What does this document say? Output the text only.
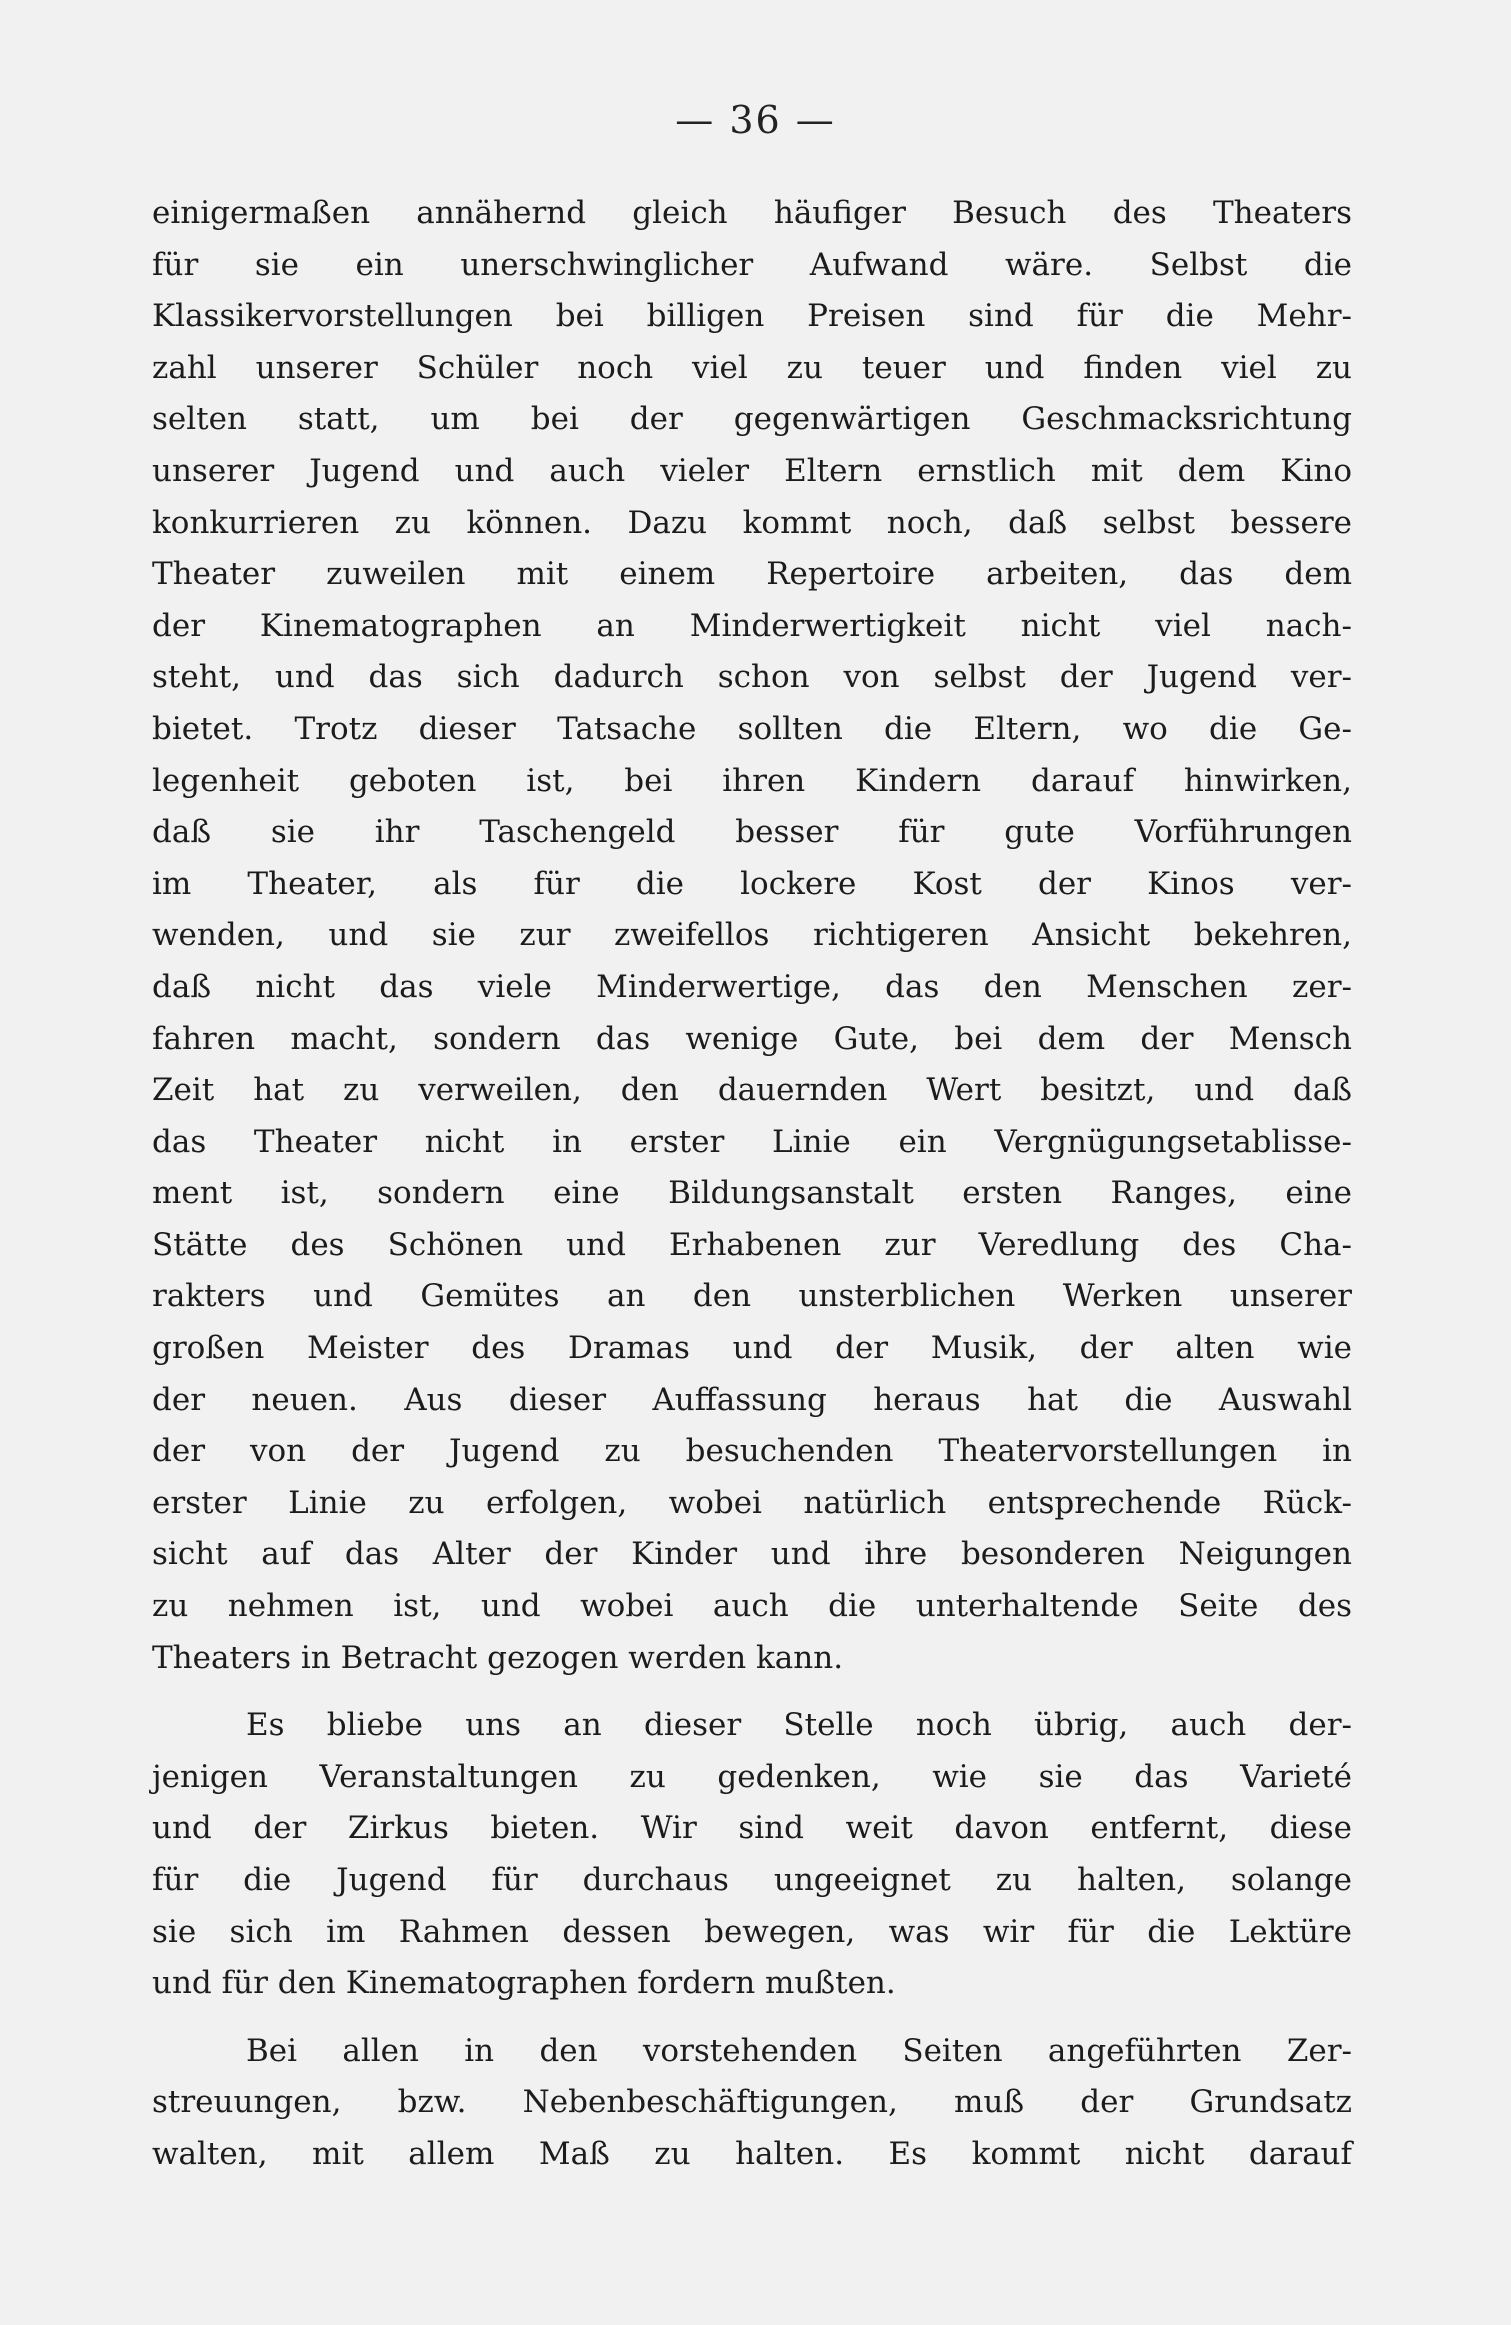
— 36 —
einigermaßen annähernd gleich häufiger Besuch des Theaters
für sie ein unerschwinglicher Aufwand wäre. Selbst die
Klassikervorstellungen bei billigen Preisen sind für die Mehr-
zahl unserer Schüler noch viel zu teuer und finden viel zu
selten statt, um bei der gegenwärtigen Geschmacksrichtung
unserer Jugend und auch vieler Eltern ernstlich mit dem Kino
konkurrieren zu können. Dazu kommt noch, daß selbst bessere
Theater zuweilen mit einem Repertoire arbeiten, das dem
der Kinematographen an Minderwertigkeit nicht viel nach-
steht, und das sich dadurch schon von selbst der Jugend ver-
bietet. Trotz dieser Tatsache sollten die Eltern, wo die Ge-
legenheit geboten ist, bei ihren Kindern darauf hinwirken,
daß sie ihr Taschengeld besser für gute Vorführungen
im Theater, als für die lockere Kost der Kinos ver-
wenden, und sie zur zweifellos richtigeren Ansicht bekehren,
daß nicht das viele Minderwertige, das den Menschen zer-
fahren macht, sondern das wenige Gute, bei dem der Mensch
Zeit hat zu verweilen, den dauernden Wert besitzt, und daß
das Theater nicht in erster Linie ein Vergnügungsetablisse-
ment ist, sondern eine Bildungsanstalt ersten Ranges, eine
Stätte des Schönen und Erhabenen zur Veredlung des Cha-
rakters und Gemütes an den unsterblichen Werken unserer
großen Meister des Dramas und der Musik, der alten wie
der neuen. Aus dieser Auffassung heraus hat die Auswahl
der von der Jugend zu besuchenden Theatervorstellungen in
erster Linie zu erfolgen, wobei natürlich entsprechende Rück-
sicht auf das Alter der Kinder und ihre besonderen Neigungen
zu nehmen ist, und wobei auch die unterhaltende Seite des
Theaters in Betracht gezogen werden kann.
Es bliebe uns an dieser Stelle noch übrig, auch der-
jenigen Veranstaltungen zu gedenken, wie sie das Varieté
und der Zirkus bieten. Wir sind weit davon entfernt, diese
für die Jugend für durchaus ungeeignet zu halten, solange
sie sich im Rahmen dessen bewegen, was wir für die Lektüre
und für den Kinematographen fordern mußten.
Bei allen in den vorstehenden Seiten angeführten Zer-
streuungen, bzw. Nebenbeschäftigungen, muß der Grundsatz
walten, mit allem Maß zu halten. Es kommt nicht darauf
